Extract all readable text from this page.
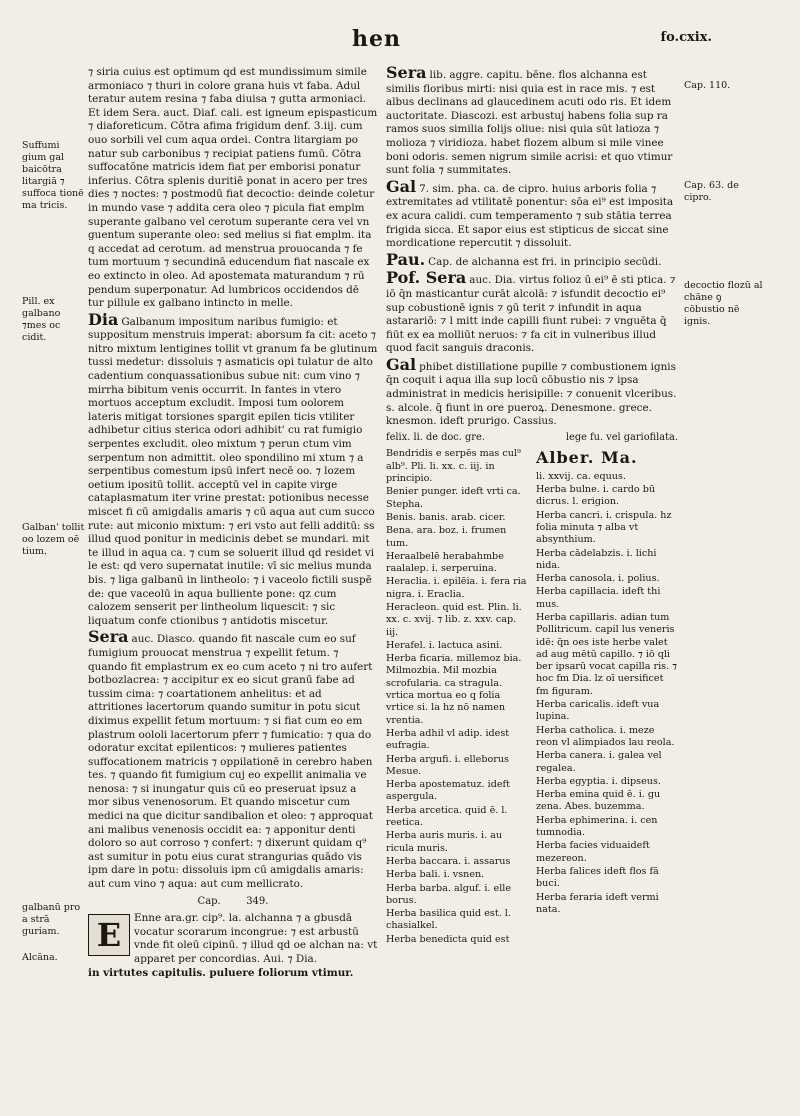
hen	fo.cxix.

Suffumi gium gal baicōtra litargiā ⁊ suffoca tionē ma tricis.

Pill. ex galbano ⁊mes oc cidit.

Galban' tollit oo lozem oē tium.

galbanū pro a strā guriam.

Alcāna.

⁊ siria cuius est optimum qd est mundissimum simile armoniaco ⁊ thuri in colore grana huis vt faba. Adul teratur autem resina ⁊ faba diuisa ⁊ gutta armoniaci. Et idem Sera. auct. Diaf. cali. est igneum epispasticum ⁊ diaforeticum. Cōtra afima frigidum denf. 3.iij. cum ouo sorbili vel cum aqua ordei. Contra litargiam po natur sub carbonibus ⁊ recipiat patiens fumū. Cōtra suffocatōne matricis idem fiat per emborisi ponatur inferius. Cōtra splenis duritiē ponat in acero per tres dies ⁊ noctes: ⁊ postmodū fiat decoctio: deinde coletur in mundo vase ⁊ addita cera oleo ⁊ picula fiat emplm superante galbano vel cerotum superante cera vel vn guentum superante oleo: sed melius si fiat emplm. ita q accedat ad cerotum. ad menstrua prouocanda ⁊ fe tum mortuum ⁊ secundinā educendum fiat nascale ex eo extincto in oleo. Ad apostemata maturandum ⁊ rū pendum superponatur. Ad lumbricos occidendos dē tur pillule ex galbano intincto in melle.

Dia Galbanum impositum naribus fumigio: et suppositum menstruis imperat: aborsum fa cit: aceto ⁊ nitro mixtum lentigines tollit vt granum fa be glutinum tussi medetur: dissoluis ⁊ asmaticis opi tulatur de alto cadentium conquassationibus subue nit: cum vino ⁊ mirrha bibitum venis occurrit. In fantes in vtero mortuos acceptum excludit. Imposi tum oolorem lateris mitigat torsiones spargit epilen ticis vtiliter adhibetur citius sterica odori adhibit' cu rat fumigio serpentes excludit. oleo mixtum ⁊ perun ctum vim serpentum non admittit. oleo spondilino mi xtum ⁊ a serpentibus comestum ipsū infert necē oo. ⁊ lozem oetium ipositū tollit. acceptū vel in capite virge cataplasmatum iter vrine prestat: potionibus necesse miscet fi cū amigdalis amaris ⁊ cū aqua aut cum succo rute: aut miconio mixtum: ⁊ eri vsto aut felli additū: ss illud quod ponitur in medicinis debet se mundari. mit te illud in aqua ca. ⁊ cum se soluerit illud qd residet vi le est: qd vero supernatat inutile: vī sic melius munda bis. ⁊ liga galbanū in lintheolo: ⁊ i vaceolo fictili suspē de: que vaceolū in aqua bulliente pone: qz cum calozem senserit per lintheolum liquescit: ⁊ sic liquatum confe ctionibus ⁊ antidotis miscetur.

Sera auc. Diasco. quando fit nascale cum eo suf fumigium prouocat menstrua ⁊ expellit fetum. ⁊ quando fit emplastrum ex eo cum aceto ⁊ ni tro aufert botbozlacrea: ⁊ accipitur ex eo sicut granū fabe ad tussim cima: ⁊ coartationem anhelitus: et ad attritiones lacertorum quando sumitur in potu sicut diximus expellit fetum mortuum: ⁊ si fiat cum eo em plastrum oololi lacertorum pferr ⁊ fumicatio: ⁊ qua do odoratur excitat epilenticos: ⁊ mulieres patientes suffocationem matricis ⁊ oppilationē in cerebro haben tes. ⁊ quando fit fumigium cuj eo expellit animalia ve nenosa: ⁊ si inungatur quis cū eo preseruat ipsuz a mor sibus venenosorum. Et quando miscetur cum medici na que dicitur sandibalion et oleo: ⁊ approquat ani malibus venenosis occidit ea: ⁊ apponitur denti doloro so aut corroso ⁊ confert: ⁊ dixerunt quidam q⁹ ast sumitur in potu eius curat strangurias quādo vis ipm dare in potu: dissoluis ipm cū amigdalis amaris: aut cum vino ⁊ aqua: aut cum mellicrato.

Cap.	349.

E	Enne ara.gr. cip⁹. la. alchanna ⁊ a gbusdā vocatur scorarum incongrue: ⁊ est arbustū vnde fit oleū cipinū. ⁊ illud qd oe alchan na: vt apparet per concordias. Aui. ⁊ Dia.

in virtutes capitulis. puluere foliorum vtimur.

Sera lib. aggre. capitu. bēne. flos alchanna est similis floribus mirti: nisi quia est in race mis. ⁊ est albus declinans ad glaucedinem acuti odo ris. Et idem auctoritate. Diascozi. est arbustuj habens folia sup ra ramos suos similia folijs oliue: nisi quia sūt latioza ⁊ molioza ⁊ viridioza. habet flozem album si mile vinee boni odoris. semen nigrum simile acrisi: et quo vtimur sunt folia ⁊ summitates.

Gal 7. sim. pha. ca. de cipro. huius arboris folia ⁊ extremitates ad vtilitatē ponentur: sōa ei⁹ est imposita ex acura calidi. cum temperamento ⁊ sub stātia terrea frigida sicca. Et sapor eius est stipticus de siccat sine mordicatione repercutit ⁊ dissoluit.

Pau. Cap. de alchanna est fri. in principio secūdi.

Pof. Sera auc. Dia. virtus folioz ū ei⁹ ē sti ptica. ⁊ iō q̄n masticantur curāt alcolā: ⁊ isfundit decoctio ei⁹ sup cobustionē ignis ⁊ ꝯū terit ⁊ infundit in aqua astarariō: ⁊ l mitt inde capilli fiunt rubei: ⁊ vnguēta q̄ fiūt ex ea molliūt neruos: ⁊ fa cit in vulneribus illud quod facit sanguis draconis.

Gal phibet distillatione pupille ⁊ combustionem ignis q̄n coquit i aqua illa sup locū cōbustio nis ⁊ ipsa administrat in medicis herisipille: ⁊ conuenit vlceribus. s. alcole. q̄ fiunt in ore pueroꝝ. Denesmone. grece. knesmon. ideft prurigo. Cassius.

felix. li. de doc. gre.	lege fu. vel gariofilata.

Bendridis e serpēs mas cul⁹ alb⁹. Pli. li. xx. c. iij. in principio.

Benier punger. ideft vrti ca. Stepha.

Benis. banis. arab. cicer.

Bena. ara. boz. i. frumen tum.

Heraalbelē herabahmbe raalalep. i. serperuina.

Heraclia. i. epilēia. i. fera ria nigra. i. Eraclia.

Heracleon. quid est. Plin. li. xx. c. xvij. ⁊ lib. z. xxv. cap. iij.

Herafel. i. lactuca asini.

Herba ficaria. millemoz bia. Milmozbia. Mil mozbia scrofularia. ca stragula. vrtica mortua eo q folia vrtice si. la hz nō namen vrentia.

Herba adhil vl adip. idest eufragia.

Herba argufi. i. elleborus Mesue.

Herba apostematuz. ideft aspergula.

Herba arcetica. quid ē. l. reetica.

Herba auris muris. i. au ricula muris.

Herba baccara. i. assarus

Herba bali. i. vsnen.

Herba barba. alguf. i. elle borus.

Herba basilica quid est. l. chasialkel.

Herba benedicta quid est

Alber. Ma.

li. xxvij. ca. equus.

Herba bulne. i. cardo bū dicrus. l. erigion.

Herba cancri. i. crispula. hz folia minuta ⁊ alba vt absynthium.

Herba cādelabzis. i. lichi nida.

Herba canosola. i. polius.

Herba capillacia. ideft thi mus.

Herba capillaris. adian tum Pollitricum. capil lus veneris idē: q̄n oes iste herbe valet ad aug mētū capillo. ⁊ iō qli ber ipsarū vocat capilla ris. ⁊ hoc fm Dia. lz oī uersificet fm figuram.

Herba caricalis. ideft vua lupina.

Herba catholica. i. meze reon vl alimpiados lau reola.

Herba canera. i. galea vel regalea.

Herba egyptia. i. dipseus.

Herba emina quid ē. i. gu zena. Abes. buzemma.

Herba ephimerina. i. cen tumnodia.

Herba facies viduaideft mezereon.

Herba falices ideft flos fā buci.

Herba feraria ideft vermi nata.

Cap. 110.

Cap. 63. de cipro.

decoctio flozū al chāne ꝯ cōbustio nē ignis.
